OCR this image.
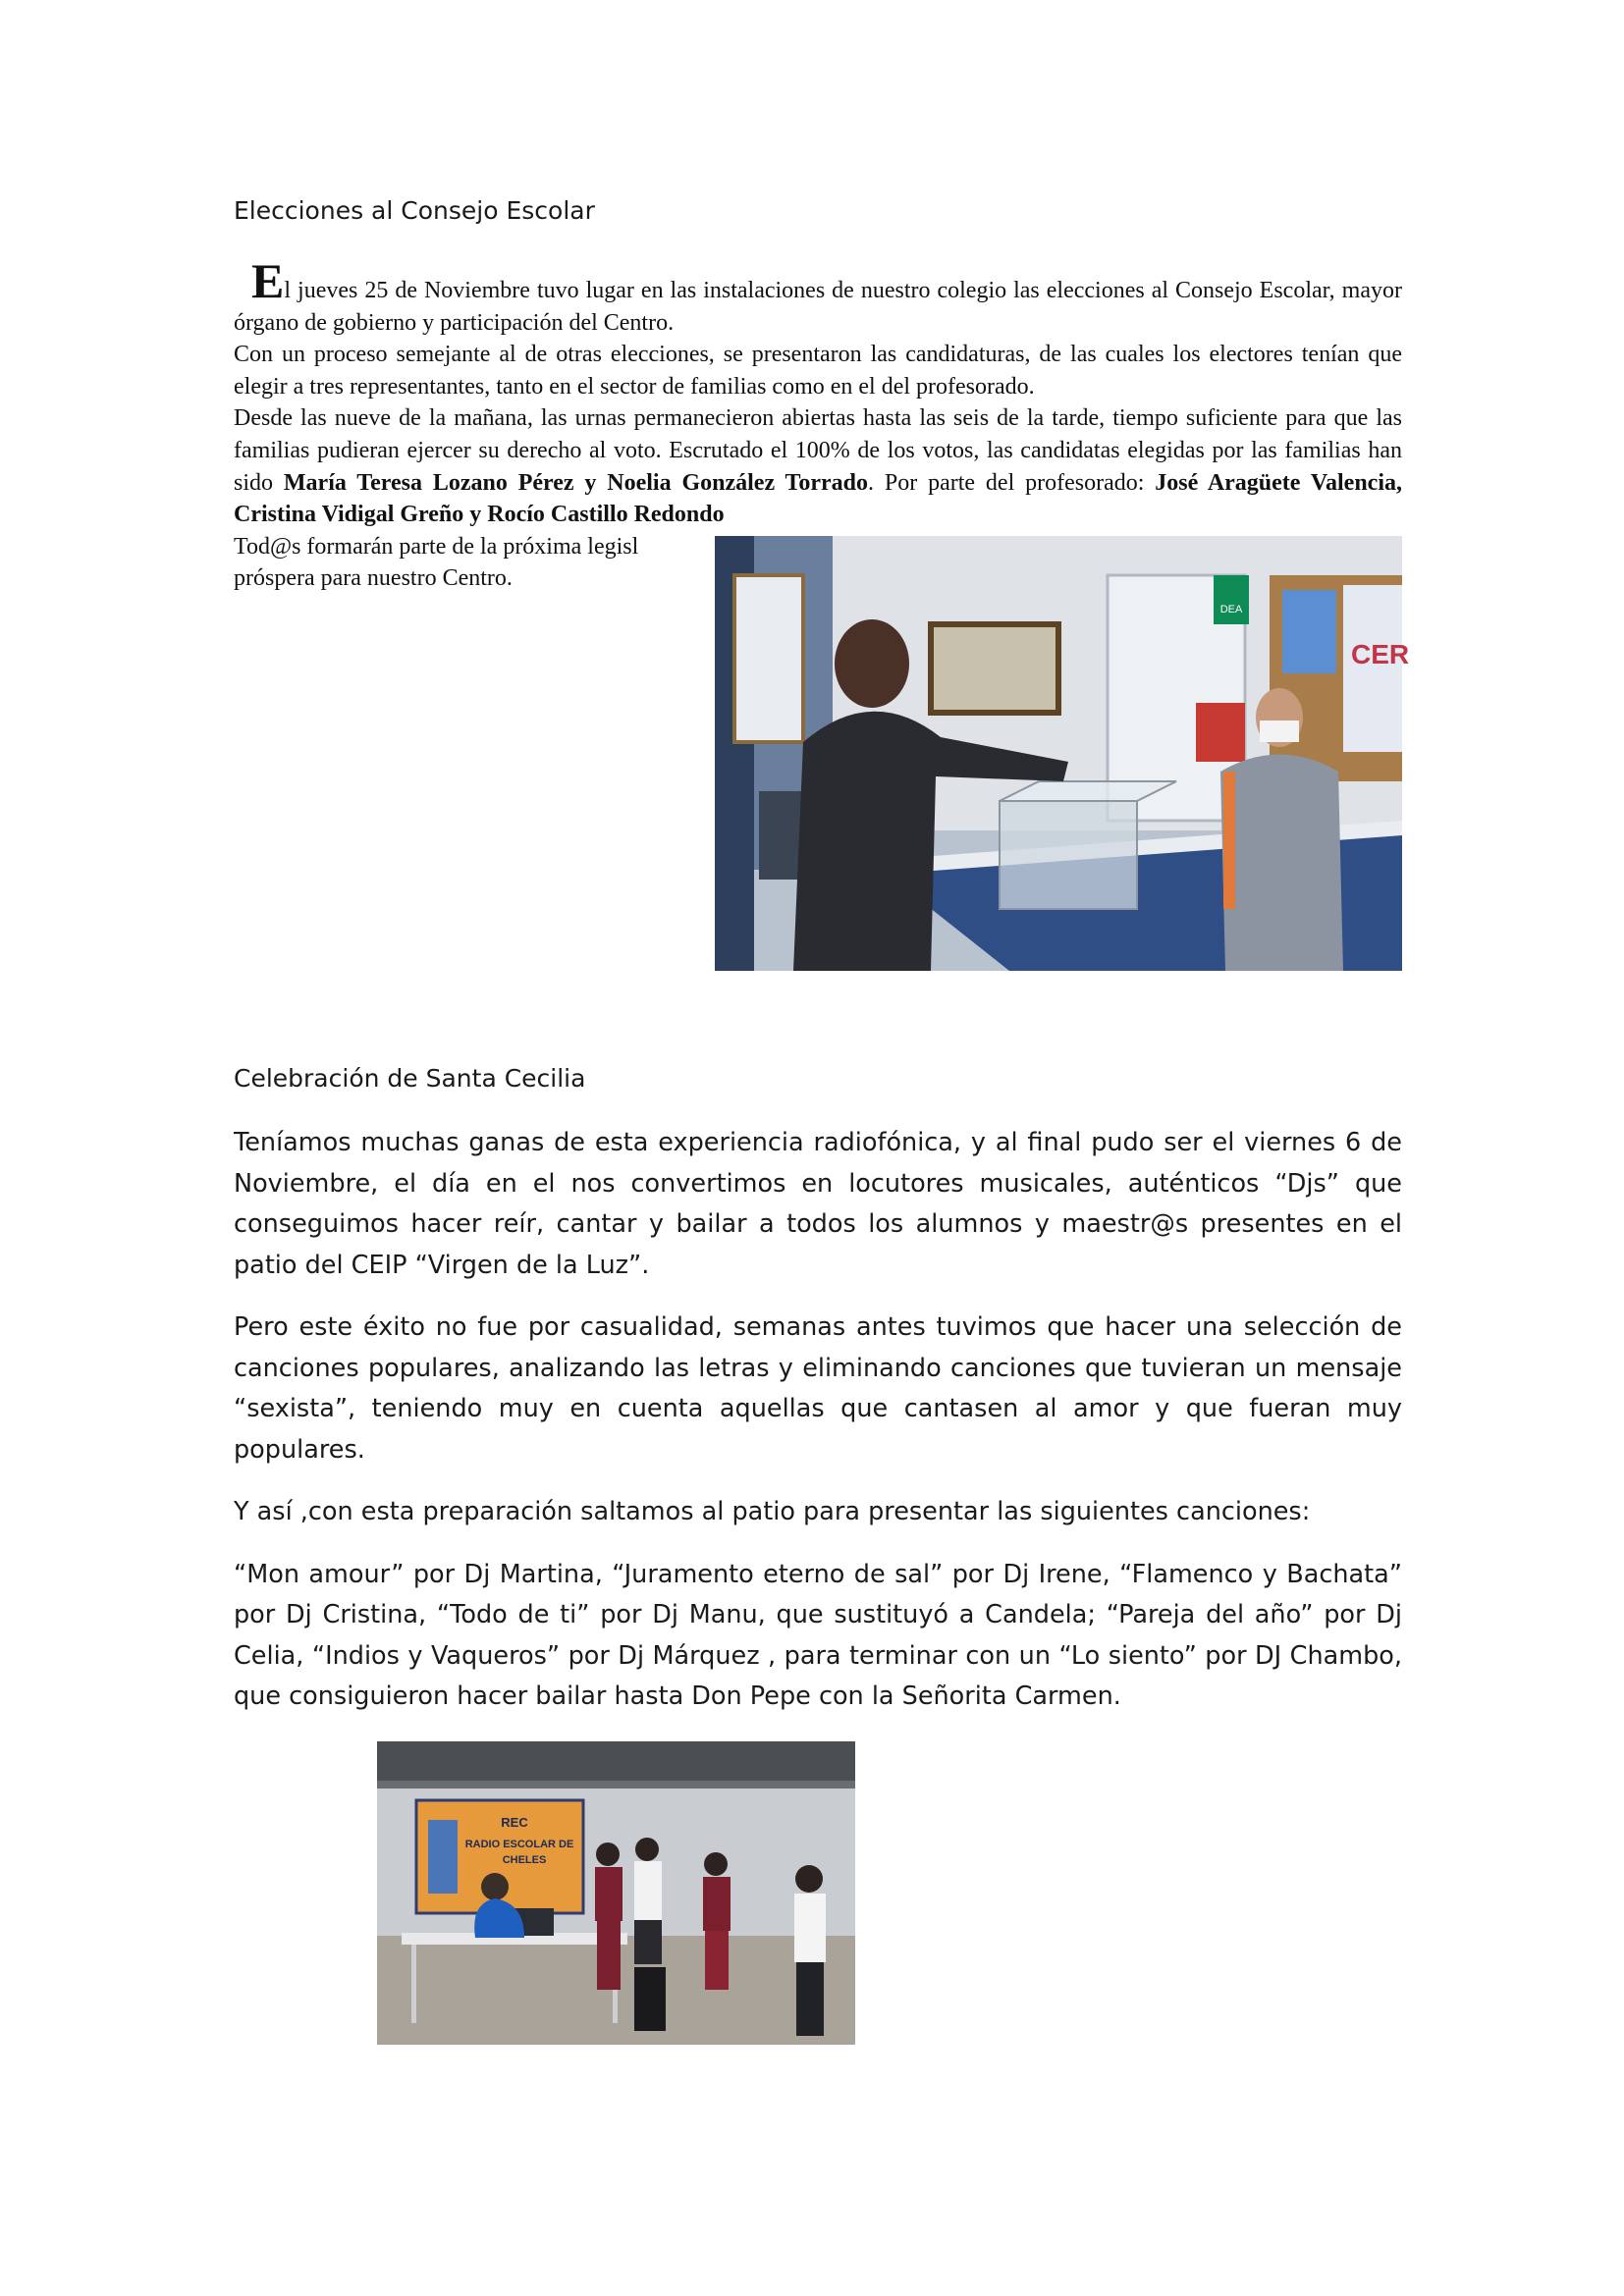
Elecciones al Consejo Escolar

El jueves 25 de Noviembre tuvo lugar en las instalaciones de nuestro colegio las elecciones al Consejo Escolar, mayor órgano de gobierno y participación del Centro.

Con un proceso semejante al de otras elecciones, se presentaron las candidaturas, de las cuales los electores tenían que elegir a tres representantes, tanto en el sector de familias como en el del profesorado.

Desde las nueve de la mañana, las urnas permanecieron abiertas hasta las seis de la tarde, tiempo suficiente para que las familias pudieran ejercer su derecho al voto. Escrutado el 100% de los votos, las candidatas elegidas por las familias han sido María Teresa Lozano Pérez y Noelia González Torrado. Por parte del profesorado: José Aragüete Valencia, Cristina Vidigal Greño y Rocío Castillo Redondo

Tod@s formarán parte de la próxima legisl

próspera para nuestro Centro.

DEA
CER
Celebración de Santa Cecilia

Teníamos muchas ganas de esta experiencia radiofónica, y al final pudo ser el viernes 6 de Noviembre, el día en el nos convertimos en locutores musicales, auténticos “Djs” que conseguimos hacer reír, cantar y bailar a todos los alumnos y maestr@s presentes en el patio del CEIP “Virgen de la Luz”.

Pero este éxito no fue por casualidad, semanas antes tuvimos que hacer una selección de canciones populares, analizando las letras y eliminando canciones que tuvieran un mensaje “sexista”, teniendo muy en cuenta aquellas que cantasen al amor y que fueran muy populares.

Y así ,con esta preparación saltamos al patio para presentar las siguientes canciones:

“Mon amour” por Dj Martina, “Juramento eterno de sal” por Dj Irene, “Flamenco y Bachata” por Dj Cristina, “Todo de ti” por Dj Manu, que sustituyó a Candela; “Pareja del año” por Dj Celia, “Indios y Vaqueros” por Dj Márquez , para terminar con un “Lo siento” por DJ Chambo, que consiguieron hacer bailar hasta Don Pepe con la Señorita Carmen.

REC
RADIO ESCOLAR DE
CHELES
